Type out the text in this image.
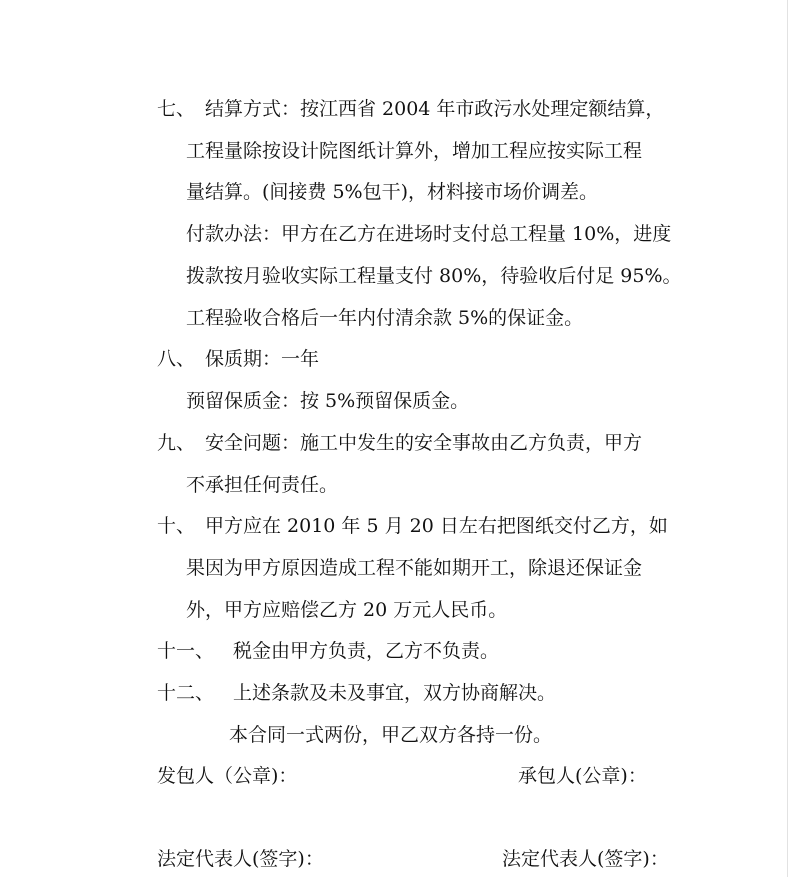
七、 结算方式：按江西省 2004 年市政污水处理定额结算，
工程量除按设计院图纸计算外，增加工程应按实际工程
量结算。(间接费 5%包干)，材料接市场价调差。
付款办法：甲方在乙方在进场时支付总工程量 10%，进度
拨款按月验收实际工程量支付 80%，待验收后付足 95%。
工程验收合格后一年内付清余款 5%的保证金。
八、 保质期：一年
预留保质金：按 5%预留保质金。
九、 安全问题：施工中发生的安全事故由乙方负责，甲方
不承担任何责任。
十、 甲方应在 2010 年 5 月 20 日左右把图纸交付乙方，如
果因为甲方原因造成工程不能如期开工，除退还保证金
外，甲方应赔偿乙方 20 万元人民币。
十一、 税金由甲方负责，乙方不负责。
十二、 上述条款及未及事宜，双方协商解决。
本合同一式两份，甲乙双方各持一份。
发包人（公章)：	承包人(公章)：
法定代表人(签字)：	法定代表人(签字)：
